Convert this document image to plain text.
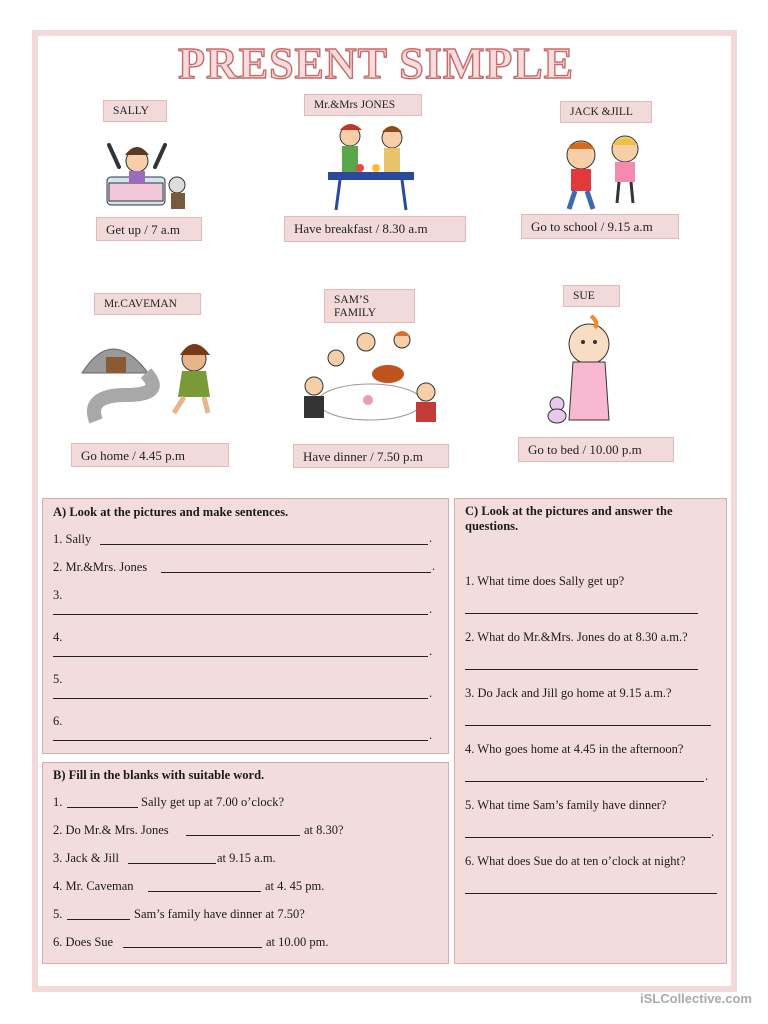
PRESENT SIMPLE
SALLY
Get up / 7 a.m
Mr.&Mrs JONES
Have breakfast / 8.30 a.m
JACK &JILL
Go to school / 9.15 a.m
Mr.CAVEMAN
Go home / 4.45 p.m
SAM’S
FAMILY
Have dinner / 7.50 p.m
SUE
Go to bed / 10.00 p.m
A) Look at the pictures and make sentences.
1. Sally	.
2. Mr.&Mrs. Jones	.
3.
.
4.
.
5.
.
6.
.
B) Fill in the blanks with suitable word.
1.	Sally get up at 7.00 o’clock?
2. Do Mr.& Mrs. Jones	at 8.30?
3. Jack & Jill	at 9.15 a.m.
4. Mr. Caveman	at 4. 45 pm.
5.	Sam’s family have dinner at 7.50?
6. Does Sue	at 10.00 pm.
C) Look at the pictures and answer the
questions.
1. What time does Sally get up?
2. What do Mr.&Mrs. Jones do at 8.30 a.m.?
3. Do Jack and Jill go home at 9.15 a.m.?
4. Who goes home at 4.45 in the afternoon?
.
5. What time Sam’s family have dinner?
.
6. What does Sue do at ten o’clock at night?
iSLCollective.com
